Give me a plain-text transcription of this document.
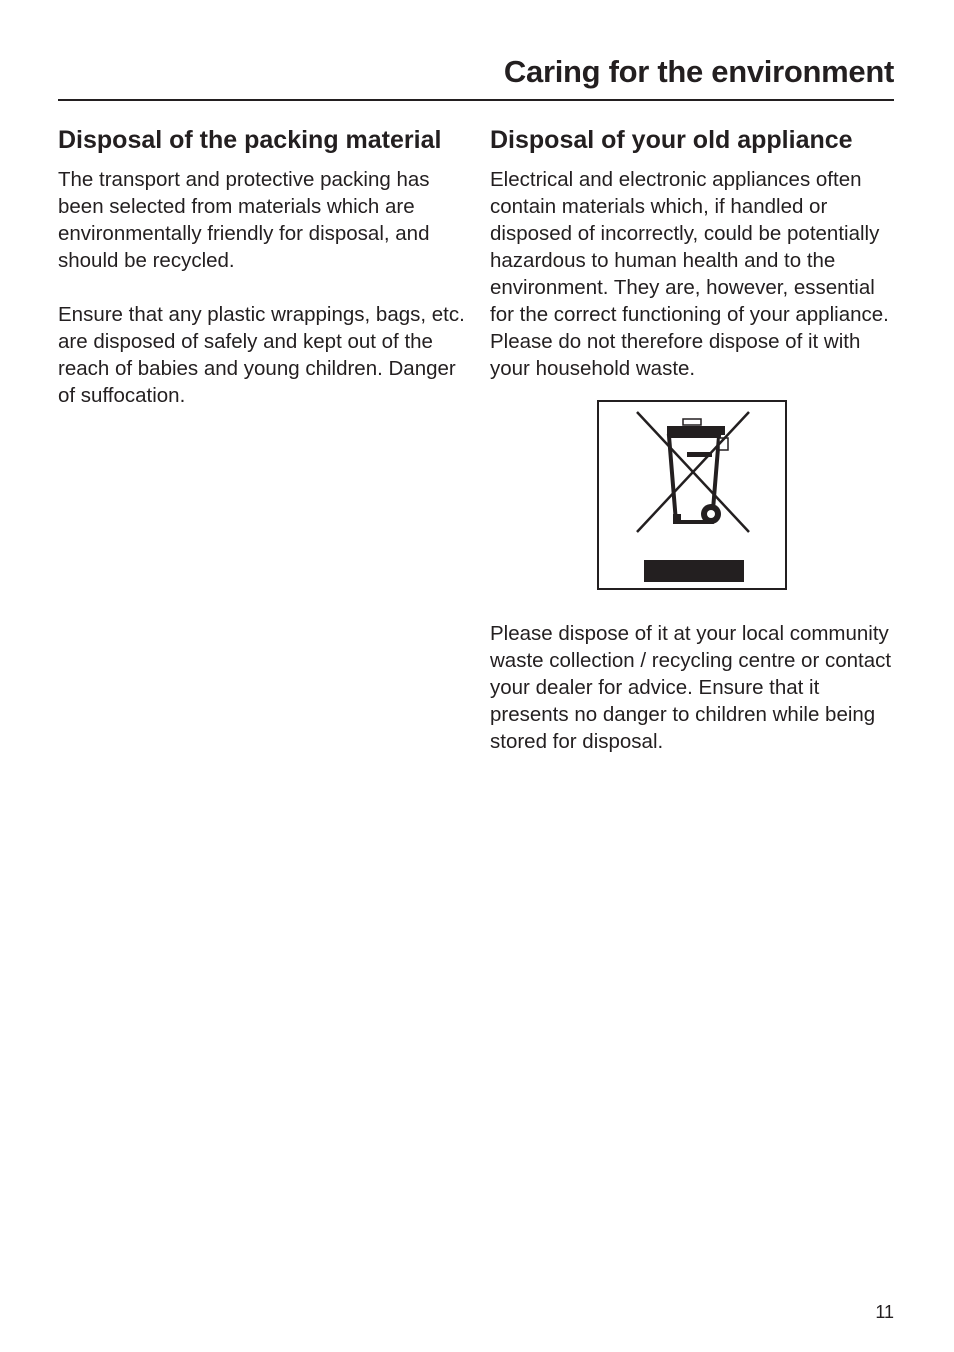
Caring for the environment
Disposal of the packing material

The transport and protective packing has been selected from materials which are environmentally friendly for disposal, and should be recycled.

Ensure that any plastic wrappings, bags, etc. are disposed of safely and kept out of the reach of babies and young children. Danger of suffocation.

Disposal of your old appliance

Electrical and electronic appliances often contain materials which, if handled or disposed of incorrectly, could be potentially hazardous to human health and to the environment. They are, however, essential for the correct functioning of your appliance. Please do not therefore dispose of it with your household waste.

Please dispose of it at your local community waste collection / recycling centre or contact your dealer for advice. Ensure that it presents no danger to children while being stored for disposal.

11
